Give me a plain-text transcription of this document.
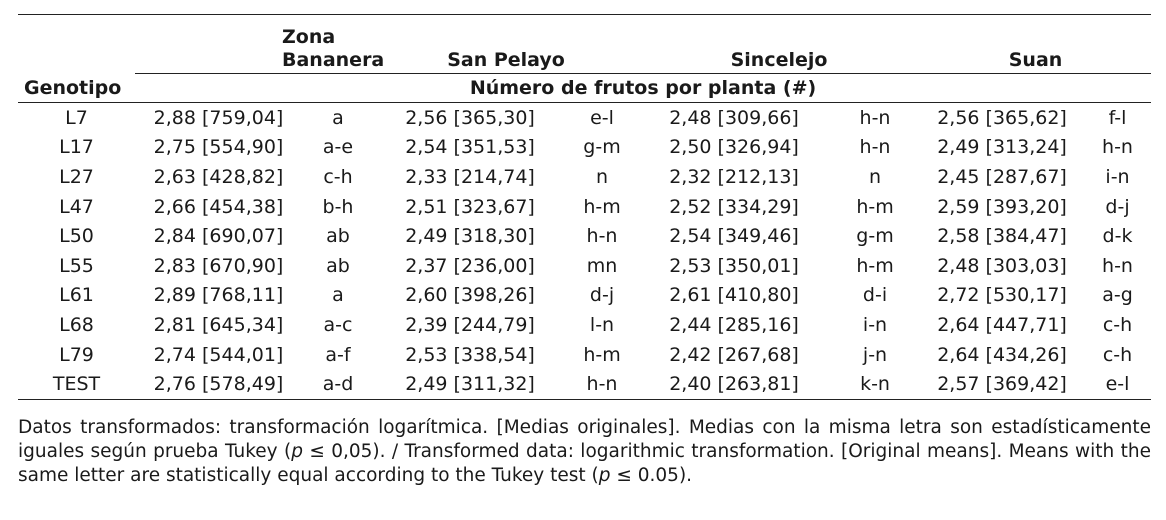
	Zona
Bananera		San Pelayo		Sincelejo		Suan	
Genotipo	Número de frutos por planta (#)							
L7	2,88 [759,04]	a	2,56 [365,30]	e-l	2,48 [309,66]	h-n	2,56 [365,62]	f-l
L17	2,75 [554,90]	a-e	2,54 [351,53]	g-m	2,50 [326,94]	h-n	2,49 [313,24]	h-n
L27	2,63 [428,82]	c-h	2,33 [214,74]	n	2,32 [212,13]	n	2,45 [287,67]	i-n
L47	2,66 [454,38]	b-h	2,51 [323,67]	h-m	2,52 [334,29]	h-m	2,59 [393,20]	d-j
L50	2,84 [690,07]	ab	2,49 [318,30]	h-n	2,54 [349,46]	g-m	2,58 [384,47]	d-k
L55	2,83 [670,90]	ab	2,37 [236,00]	mn	2,53 [350,01]	h-m	2,48 [303,03]	h-n
L61	2,89 [768,11]	a	2,60 [398,26]	d-j	2,61 [410,80]	d-i	2,72 [530,17]	a-g
L68	2,81 [645,34]	a-c	2,39 [244,79]	l-n	2,44 [285,16]	i-n	2,64 [447,71]	c-h
L79	2,74 [544,01]	a-f	2,53 [338,54]	h-m	2,42 [267,68]	j-n	2,64 [434,26]	c-h
TEST	2,76 [578,49]	a-d	2,49 [311,32]	h-n	2,40 [263,81]	k-n	2,57 [369,42]	e-l

Datos transformados: transformación logarítmica. [Medias originales]. Medias con la misma letra son estadísticamente iguales según prueba Tukey (p ≤ 0,05). / Transformed data: logarithmic transformation. [Original means]. Means with the same letter are statistically equal according to the Tukey test (p ≤ 0.05).
